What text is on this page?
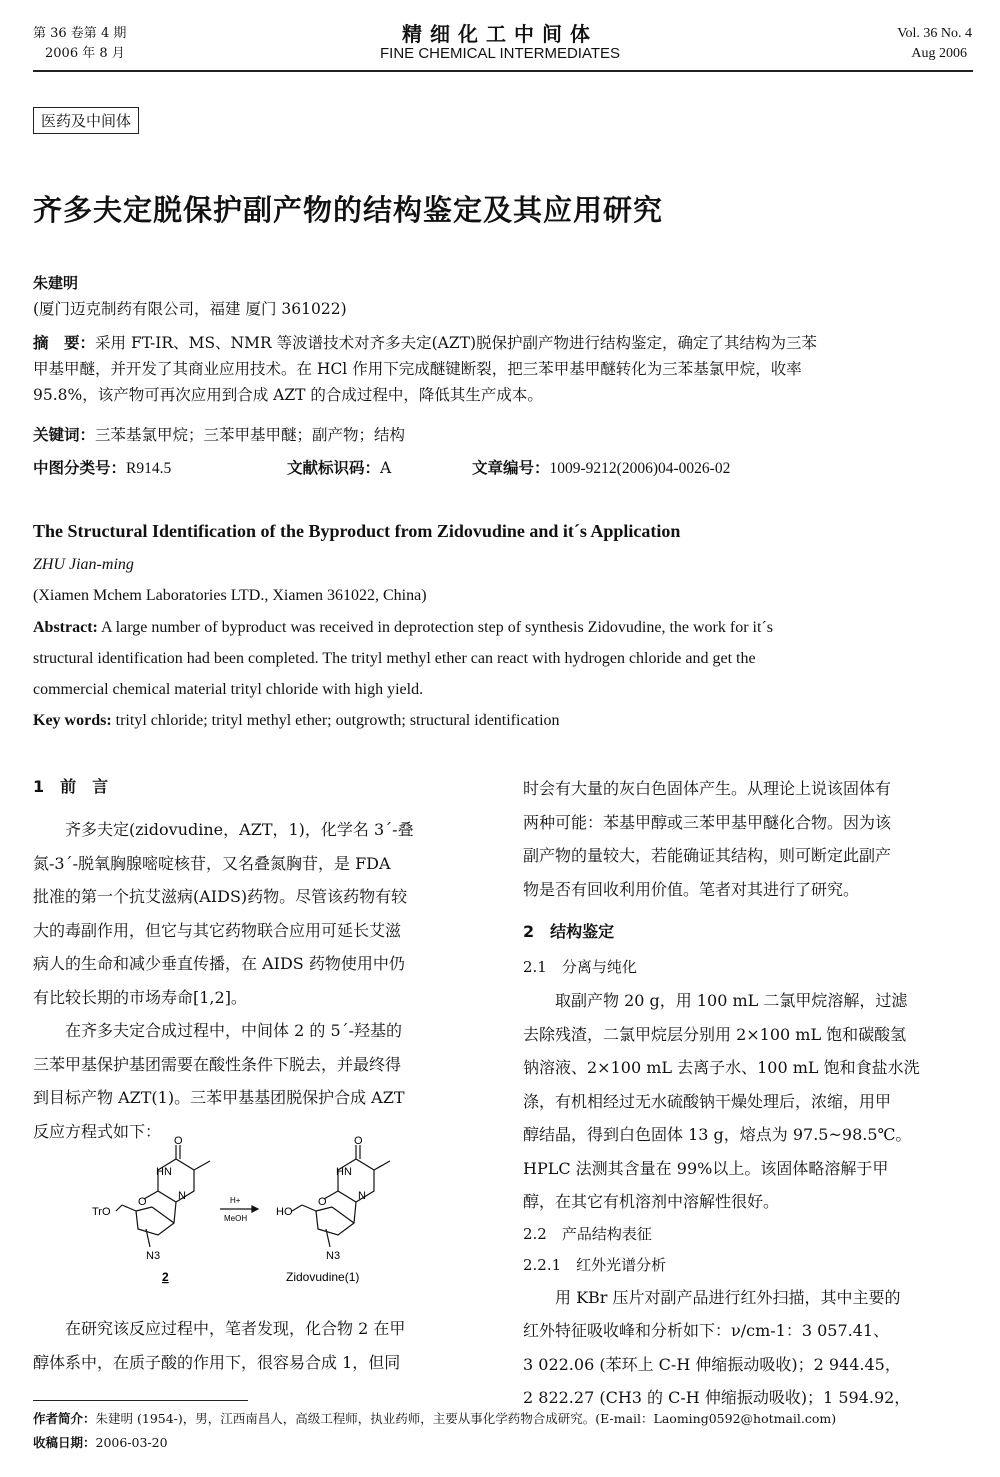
第 36 卷第 4 期
2006 年 8 月
精细化工中间体
FINE CHEMICAL INTERMEDIATES
Vol. 36 No. 4
Aug 2006
医药及中间体
齐多夫定脱保护副产物的结构鉴定及其应用研究
朱建明
(厦门迈克制药有限公司，福建 厦门 361022)
摘　要：采用 FT-IR、MS、NMR 等波谱技术对齐多夫定(AZT)脱保护副产物进行结构鉴定，确定了其结构为三苯
甲基甲醚，并开发了其商业应用技术。在 HCl 作用下完成醚键断裂，把三苯甲基甲醚转化为三苯基氯甲烷，收率
95.8%，该产物可再次应用到合成 AZT 的合成过程中，降低其生产成本。
关键词：三苯基氯甲烷；三苯甲基甲醚；副产物；结构
中图分类号：R914.5	文献标识码：A	文章编号：1009-9212(2006)04-0026-02
The Structural Identification of the Byproduct from Zidovudine and it´s Application
ZHU Jian-ming
(Xiamen Mchem Laboratories LTD., Xiamen 361022, China)
Abstract: A large number of byproduct was received in deprotection step of synthesis Zidovudine, the work for it´s
structural identification had been completed. The trityl methyl ether can react with hydrogen chloride and get the
commercial chemical material trityl chloride with high yield.
Key words: trityl chloride; trityl methyl ether; outgrowth; structural identification
1　前　言
齐多夫定(zidovudine，AZT，1)，化学名 3´-叠
氮-3´-脱氧胸腺嘧啶核苷，又名叠氮胸苷，是 FDA
批准的第一个抗艾滋病(AIDS)药物。尽管该药物有较
大的毒副作用，但它与其它药物联合应用可延长艾滋
病人的生命和减少垂直传播，在 AIDS 药物使用中仍
有比较长期的市场寿命[1,2]。
在齐多夫定合成过程中，中间体 2 的 5´-羟基的
三苯甲基保护基团需要在酸性条件下脱去，并最终得
到目标产物 AZT(1)。三苯甲基基团脱保护合成 AZT
反应方程式如下：
O
HN
O	N
TrO
N3
2
H+
MeOH
O
HN
O	N
HO
N3
Zidovudine(1)
在研究该反应过程中，笔者发现，化合物 2 在甲
醇体系中，在质子酸的作用下，很容易合成 1，但同
时会有大量的灰白色固体产生。从理论上说该固体有
两种可能：苯基甲醇或三苯甲基甲醚化合物。因为该
副产物的量较大，若能确证其结构，则可断定此副产
物是否有回收利用价值。笔者对其进行了研究。
2　结构鉴定
2.1　分离与纯化
取副产物 20 g，用 100 mL 二氯甲烷溶解，过滤
去除残渣，二氯甲烷层分别用 2×100 mL 饱和碳酸氢
钠溶液、2×100 mL 去离子水、100 mL 饱和食盐水洗
涤，有机相经过无水硫酸钠干燥处理后，浓缩，用甲
醇结晶，得到白色固体 13 g，熔点为 97.5~98.5℃。
HPLC 法测其含量在 99%以上。该固体略溶解于甲
醇，在其它有机溶剂中溶解性很好。
2.2　产品结构表征
2.2.1　红外光谱分析
用 KBr 压片对副产品进行红外扫描，其中主要的
红外特征吸收峰和分析如下：ν/cm-1：3 057.41、
3 022.06 (苯环上 C-H 伸缩振动吸收)；2 944.45，
2 822.27 (CH3 的 C-H 伸缩振动吸收)；1 594.92，
作者简介：朱建明 (1954-)，男，江西南昌人，高级工程师，执业药师，主要从事化学药物合成研究。(E-mail：Laoming0592@hotmail.com)
收稿日期：2006-03-20
